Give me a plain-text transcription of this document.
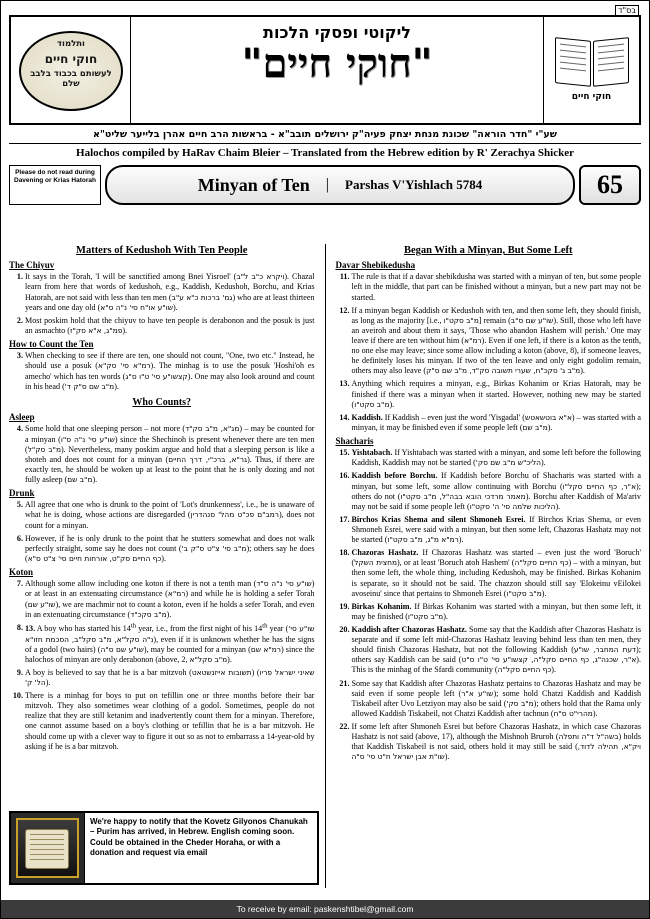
בס"ד
ותלמוד

חוקי חיים
לעשותם בכבוד בלבב שלם
ליקוטי ופסקי הלכות
"חוקי חיים"
חוקי חיים
שע"י "חדר הוראה" שכונת מנחת יצחק פעיה"ק ירושלים תובב"א - בראשות הרב חיים אהרן בלייער שליט"א
Halochos compiled by HaRav Chaim Bleier – Translated from the Hebrew edition by R' Zerachya Shicker
Please do not read during Davening or Krias Hatorah	Minyan of Ten | Parshas V'Yishlach 5784	65
Matters of Kedushoh With Ten People
The Chiyuv
1. It says in the Torah, 'I will be sanctified among Bnei Yisroel' (ויקרא כ"ב ל"ב). Chazal learn from here that words of kedushoh, e.g., Kaddish, Kedushoh, Borchu, and Krias Hatorah, are not said with less than ten men (גמ' ברכות כ"א ע"ב) who are at least thirteen years and one day old (שו"ע או"ח סי' נ"ה ס"א).
2. Most poskim hold that the chiyuv to have ten people is derabonon and the posuk is just an asmachto (פמ"ג, א"א סק"ז).
How to Count the Ten
3. When checking to see if there are ten, one should not count, "One, two etc." Instead, he should use a posuk (רמ"א סי' סק"א). The minhag is to use the posuk 'Hoshi'oh es amecho' which has ten words (קצשו"ע סי' ט"ו ס"ג). One may also look around and count in his head (מ"ב שם ס"ק ד').
Who Counts?
Asleep
4. Some hold that one sleeping person – not more (מג"א, מ"ב סק"ד) – may be counted for a minyan (שו"ע סי' נ"ה ס"ו) since the Shechinoh is present whenever there are ten men (מ"ב סק"ל). Nevertheless, many poskim argue and hold that a sleeping person is like a shoteh and does not count for a minyan (גר"א, ברכ"י, דרך החיים). Thus, if there are exactly ten, he should be woken up at least to the point that he is only dozing and not fully asleep (מ"ב שם).
Drunk
5. All agree that one who is drunk to the point of 'Lot's drunkenness', i.e., he is unaware of what he is doing, whose actions are disregarded (רמב"ם פכ"ט מהל' סנהדרין), does not count for a minyan.
6. However, if he is only drunk to the point that he stutters somewhat and does not walk perfectly straight, some say he does not count (מ"ב סי' צ"ט ס"ק ב'); others say he does (כף החיים סק"ט, אורחות חיים סי' צ"ט ס"א).
Koton
7. Although some allow including one koton if there is not a tenth man (שו"ע סי' נ"ה ס"ד) or at least in an extenuating circumstance (רמ"א) and while he is holding a sefer Torah (שו"ע שם), we are machmir not to count a koton, even if he holds a sefer Torah, and even in an extenuating circumstance (מ"ב סקכ"ד).
8. 13. A boy who has started his 14th year, i.e., from the first night of his 14th year (שו"ע סי' נ"ה סקל"א, מ"ב סקל"ב, הסכמת חזו"א), even if it is unknown whether he has the signs of a godol (two hairs) (שו"ע שם ס"ה), may be counted for a minyan (רמ"א שם) since the halochos of minyan are only derabonon (above, 2, מ"ב סקל"א).
9. A boy is believed to say that he is a bar mitzvoh (תשובות אייזנשטאט) (שאיני ישראל פריו הל' ק').
10. There is a minhag for boys to put on tefillin one or three months before their bar mitzvoh. They also sometimes wear clothing of a godol. Sometimes, people do not realize that they are still ketanim and inadvertently count them for a minyan. Therefore, one cannot assume based on a boy's clothing or tefillin that he is a bar mitzvoh. He should come up with a clever way to figure it out so as not to embarrass a 14-year-old by asking if he is a bar mitzvoh.
Began With a Minyan, But Some Left
Davar Shebikedusha
11. The rule is that if a davar shebikdusha was started with a minyan of ten, but some people left in the middle, that part can be finished without a minyan, but a new part may not be started.
12. If a minyan began Kaddish or Kedushoh with ten, and then some left, they should finish, as long as the majority [i.e., מ"ב סקט"ו] remain (שו"ע שם ס"ב). Still, those who left have an aveiroh and about them it says, 'Those who abandon Hashem will perish.' One may leave if there are ten without him (רמ"א). Even if one left, if there is a koton as the tenth, no one else may leave; since some allow including a koton (above, 8), if someone leaves, he definitely loses his minyan. If two of the ten leave and only eight godolim remain, others may also leave (מ"ב ג' סקכ"ח, שערי תשובה סק"ד, מ"ב שם ס"ק).
13. Anything which requires a minyan, e.g., Birkas Kohanim or Krias Hatorah, may be finished if there was a minyan when it started. However, nothing new may be started (מ"ב סקט"ו).
14. Kaddish. If Kaddish – even just the word 'Yisgadal' (א"א בוטשאטש) – was started with a minyan, it may be finished even if some people left (מ"ב שם).
Shacharis
15. Yishtabach. If Yishtabach was started with a minyan, and some left before the following Kaddish, Kaddish may not be started (הליכ"ש מ"ב שם סק').
16. Kaddish before Borchu. If Kaddish before Borchu of Shacharis was started with a minyan, but some left, some allow continuing with Borchu (א"ר, כף החיים סקל"ו); others do not (מאמר מרדכי הובא בבה"ל, מ"ב סקט"ו). Borchu after Kaddish of Ma'ariv may not be said if some people left (הליכות שלמה סי' ה' סקט"ו).
17. Birchos Krias Shema and silent Shmoneh Esrei. If Birchos Krias Shema, or even Shmoneh Esrei, were said with a minyan, but then some left, Chazoras Hashatz may not be started (רמ"א מ"ג, מ"ב סקט"ו).
18. Chazoras Hashatz. If Chazoras Hashatz was started – even just the word 'Boruch' (מחצית השקל), or at least 'Boruch atoh Hashem' (כף החיים סקל"ה) – with a minyan, but then some left, the whole thing, including Kedushoh, may be finished. Birkas Kohanim is separate, so it should not be said. The chazzon should still say 'Elokeinu vEilokei avoseinu' since that pertains to Shmoneh Esrei (מ"ב סקט"ו).
19. Birkas Kohanim. If Birkas Kohanim was started with a minyan, but then some left, it may be finished (מ"ב סקט"ו).
20. Kaddish after Chazoras Hashatz. Some say that the Kaddish after Chazoras Hashatz is separate and if some left mid-Chazoras Hashatz leaving behind less than ten men, they should finish Chazoras Hashatz, but not the following Kaddish (דעת המחבר, שו"ע); others say Kaddish can be said (א"ר, שכנה"ג, כף החיים סקל"ה, קצשו"ע סי' ט"ו ס"ט). This is the minhag of the Sfardi community (כף החיים סקל"ה).
21. Some say that Kaddish after Chazoras Hashatz pertains to Chazoras Hashatz and may be said even if some people left (שו"ע א"ר); some hold Chatzi Kaddish and Kaddish Tiskabeil after Uvo Letziyon may also be said (מ"ב סק'); others hold that the Rama only allowed Kaddish Tiskabeil, not Chatzi Kaddish after tachnun (מהרי"ט ס"ח).
22. If some left after Shmoneh Esrei but before Chazoras Hashatz, in which case Chazoras Hashatz is not said (above, 17), although the Mishnoh Bruroh (בשה"ל ד"ה ותפלה) holds that Kaddish Tiskabeil is not said, others hold it may still be said (ויק"א, תהילה לדוד, שו"ת אבן ישראל ח"ט סי' ס"ה).
We're happy to notify that the Kovetz Gilyonos Chanukah – Purim has arrived, in Hebrew. English coming soon. Could be obtained in the Cheder Horaha, or with a donation and request via email
To receive by email: paskenshtibel@gmail.com
